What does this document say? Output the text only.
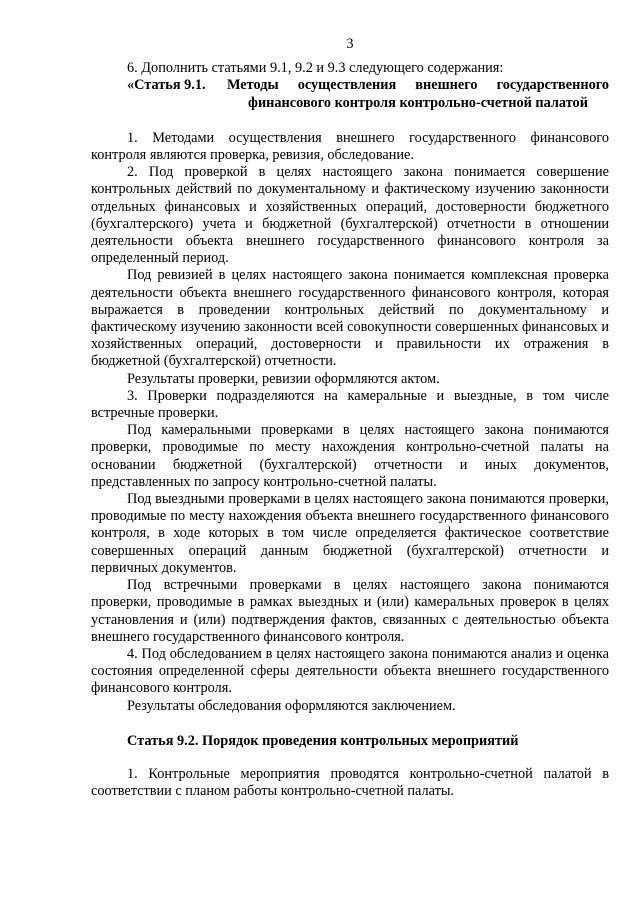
3

6. Дополнить статьями 9.1, 9.2 и 9.3 следующего содержания:

«Статья 9.1.	Методы осуществления внешнего государственного финансового контроля контрольно-счетной палатой

1. Методами осуществления внешнего государственного финансового контроля являются проверка, ревизия, обследование.

2. Под проверкой в целях настоящего закона понимается совершение контрольных действий по документальному и фактическому изучению законности отдельных финансовых и хозяйственных операций, достоверности бюджетного (бухгалтерского) учета и бюджетной (бухгалтерской) отчетности в отношении деятельности объекта внешнего государственного финансового контроля за определенный период.

Под ревизией в целях настоящего закона понимается комплексная проверка деятельности объекта внешнего государственного финансового контроля, которая выражается в проведении контрольных действий по документальному и фактическому изучению законности всей совокупности совершенных финансовых и хозяйственных операций, достоверности и правильности их отражения в бюджетной (бухгалтерской) отчетности.

Результаты проверки, ревизии оформляются актом.

3. Проверки подразделяются на камеральные и выездные, в том числе встречные проверки.

Под камеральными проверками в целях настоящего закона понимаются проверки, проводимые по месту нахождения контрольно-счетной палаты на основании бюджетной (бухгалтерской) отчетности и иных документов, представленных по запросу контрольно-счетной палаты.

Под выездными проверками в целях настоящего закона понимаются проверки, проводимые по месту нахождения объекта внешнего государственного финансового контроля, в ходе которых в том числе определяется фактическое соответствие совершенных операций данным бюджетной (бухгалтерской) отчетности и первичных документов.

Под встречными проверками в целях настоящего закона понимаются проверки, проводимые в рамках выездных и (или) камеральных проверок в целях установления и (или) подтверждения фактов, связанных с деятельностью объекта внешнего государственного финансового контроля.

4. Под обследованием в целях настоящего закона понимаются анализ и оценка состояния определенной сферы деятельности объекта внешнего государственного финансового контроля.

Результаты обследования оформляются заключением.

Статья 9.2. Порядок проведения контрольных мероприятий

1. Контрольные мероприятия проводятся контрольно-счетной палатой в соответствии с планом работы контрольно-счетной палаты.
